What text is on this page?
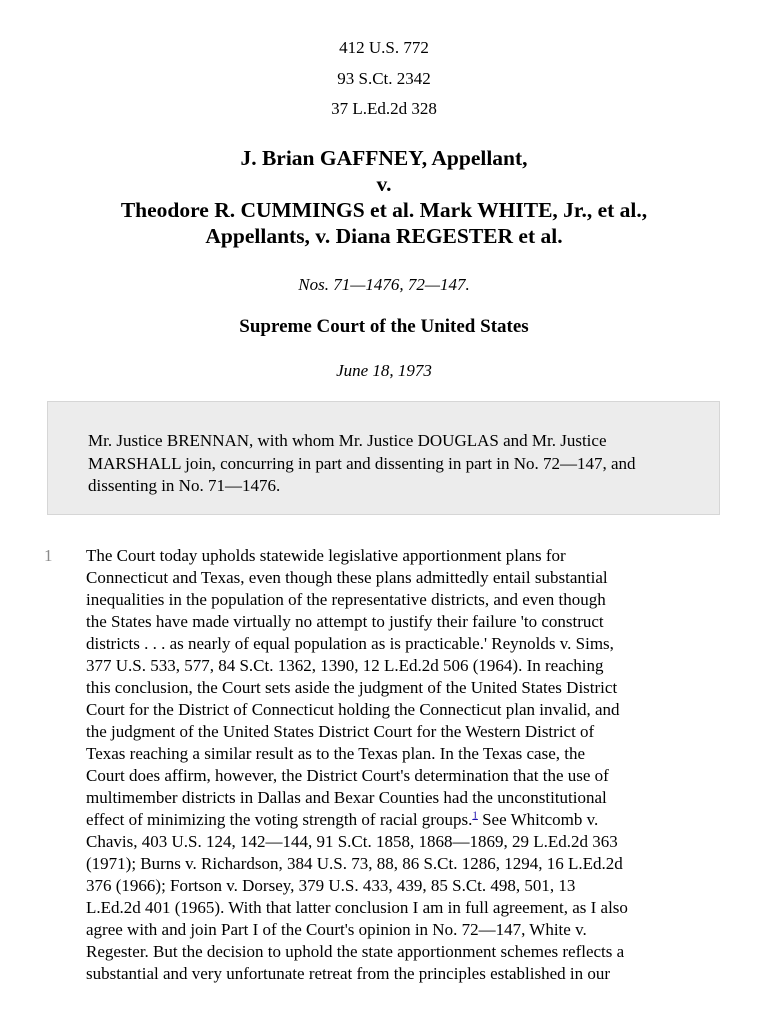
412 U.S. 772
93 S.Ct. 2342
37 L.Ed.2d 328
J. Brian GAFFNEY, Appellant,
v.
Theodore R. CUMMINGS et al. Mark WHITE, Jr., et al.,
Appellants, v. Diana REGESTER et al.
Nos. 71—1476, 72—147.
Supreme Court of the United States
June 18, 1973

Mr. Justice BRENNAN, with whom Mr. Justice DOUGLAS and Mr. Justice MARSHALL join, concurring in part and dissenting in part in No. 72—147, and dissenting in No. 71—1476.

1 The Court today upholds statewide legislative apportionment plans for
Connecticut and Texas, even though these plans admittedly entail substantial
inequalities in the population of the representative districts, and even though
the States have made virtually no attempt to justify their failure 'to construct
districts . . . as nearly of equal population as is practicable.' Reynolds v. Sims,
377 U.S. 533, 577, 84 S.Ct. 1362, 1390, 12 L.Ed.2d 506 (1964). In reaching
this conclusion, the Court sets aside the judgment of the United States District
Court for the District of Connecticut holding the Connecticut plan invalid, and
the judgment of the United States District Court for the Western District of
Texas reaching a similar result as to the Texas plan. In the Texas case, the
Court does affirm, however, the District Court's determination that the use of
multimember districts in Dallas and Bexar Counties had the unconstitutional
effect of minimizing the voting strength of racial groups.$^1$ See Whitcomb v.
Chavis, 403 U.S. 124, 142—144, 91 S.Ct. 1858, 1868—1869, 29 L.Ed.2d 363
(1971); Burns v. Richardson, 384 U.S. 73, 88, 86 S.Ct. 1286, 1294, 16 L.Ed.2d
376 (1966); Fortson v. Dorsey, 379 U.S. 433, 439, 85 S.Ct. 498, 501, 13
L.Ed.2d 401 (1965). With that latter conclusion I am in full agreement, as I also
agree with and join Part I of the Court's opinion in No. 72—147, White v.
Regester. But the decision to uphold the state apportionment schemes reflects a
substantial and very unfortunate retreat from the principles established in our
